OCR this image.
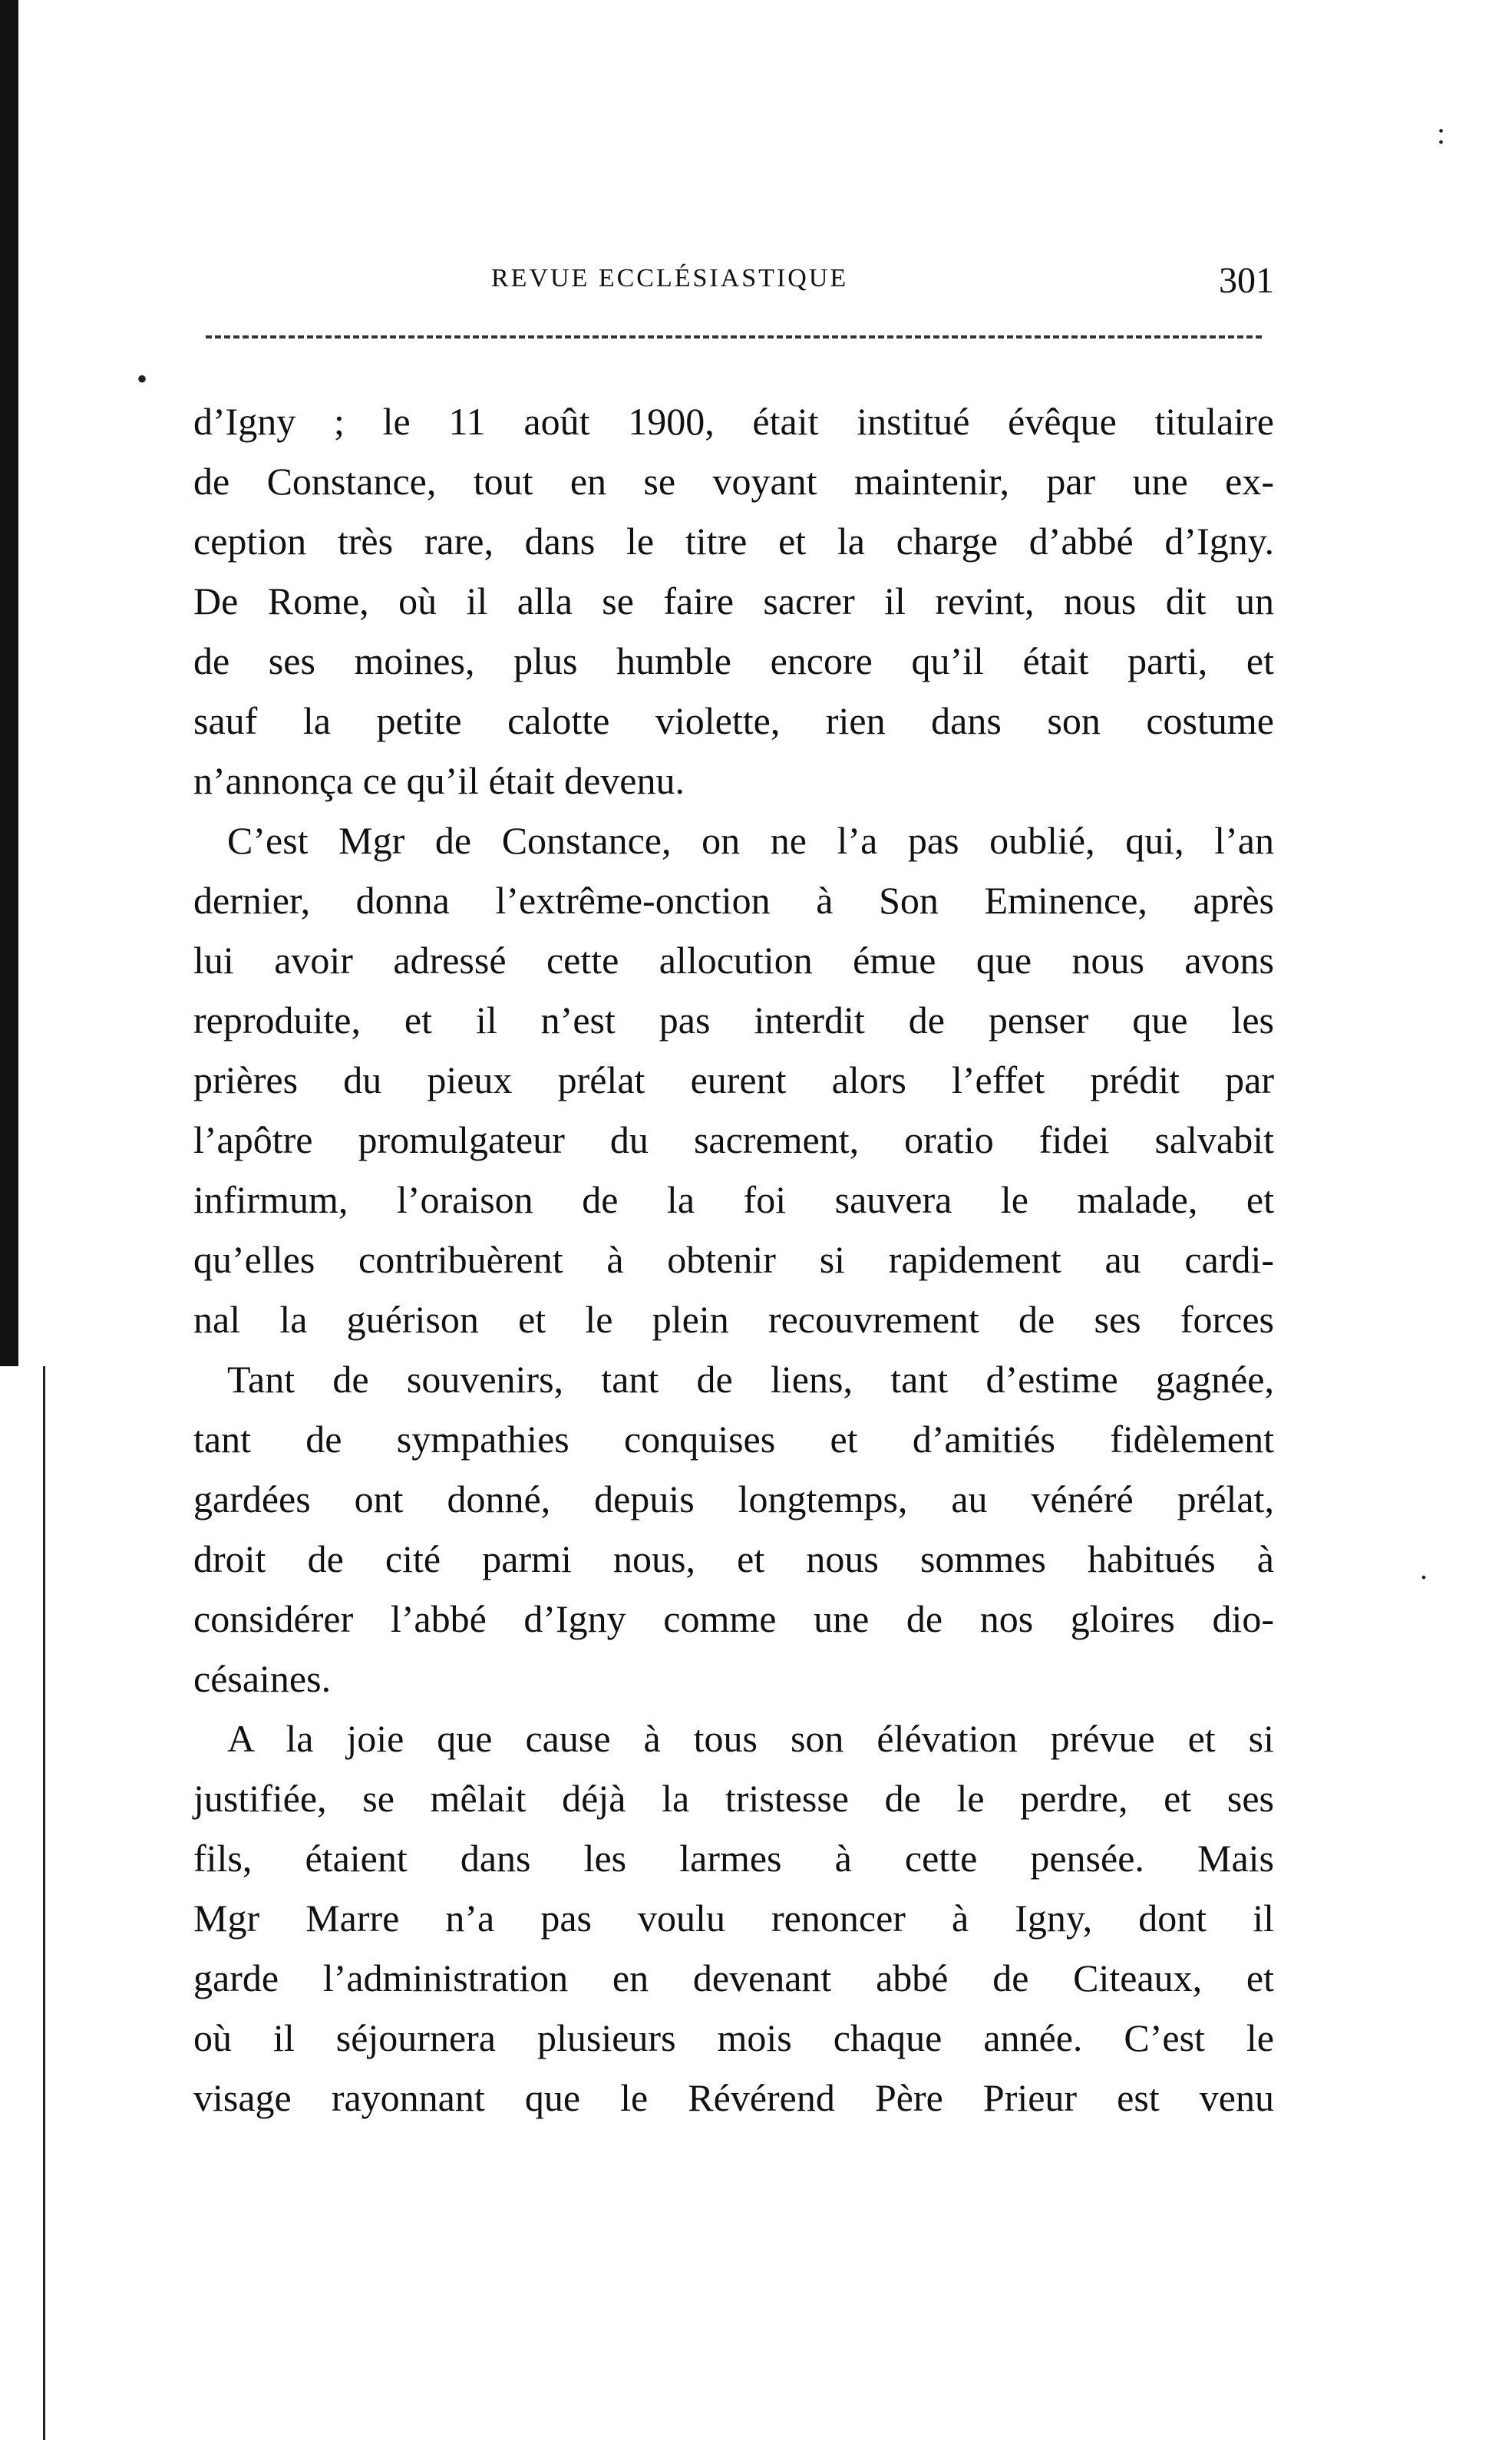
REVUE ECCLÉSIASTIQUE	301
:
•
.
d’Igny ; le 11 août 1900, était institué évêque titulaire
de Constance, tout en se voyant maintenir, par une ex-
ception très rare, dans le titre et la charge d’abbé d’Igny.
De Rome, où il alla se faire sacrer il revint, nous dit un
de ses moines, plus humble encore qu’il était parti, et
sauf la petite calotte violette, rien dans son costume
n’annonça ce qu’il était devenu.
C’est Mgr de Constance, on ne l’a pas oublié, qui, l’an
dernier, donna l’extrême-onction à Son Eminence, après
lui avoir adressé cette allocution émue que nous avons
reproduite, et il n’est pas interdit de penser que les
prières du pieux prélat eurent alors l’effet prédit par
l’apôtre promulgateur du sacrement, oratio fidei salvabit
infirmum, l’oraison de la foi sauvera le malade, et
qu’elles contribuèrent à obtenir si rapidement au cardi-
nal la guérison et le plein recouvrement de ses forces
Tant de souvenirs, tant de liens, tant d’estime gagnée,
tant de sympathies conquises et d’amitiés fidèlement
gardées ont donné, depuis longtemps, au vénéré prélat,
droit de cité parmi nous, et nous sommes habitués à
considérer l’abbé d’Igny comme une de nos gloires dio-
césaines.
A la joie que cause à tous son élévation prévue et si
justifiée, se mêlait déjà la tristesse de le perdre, et ses
fils, étaient dans les larmes à cette pensée. Mais
Mgr Marre n’a pas voulu renoncer à Igny, dont il
garde l’administration en devenant abbé de Citeaux, et
où il séjournera plusieurs mois chaque année. C’est le
visage rayonnant que le Révérend Père Prieur est venu
